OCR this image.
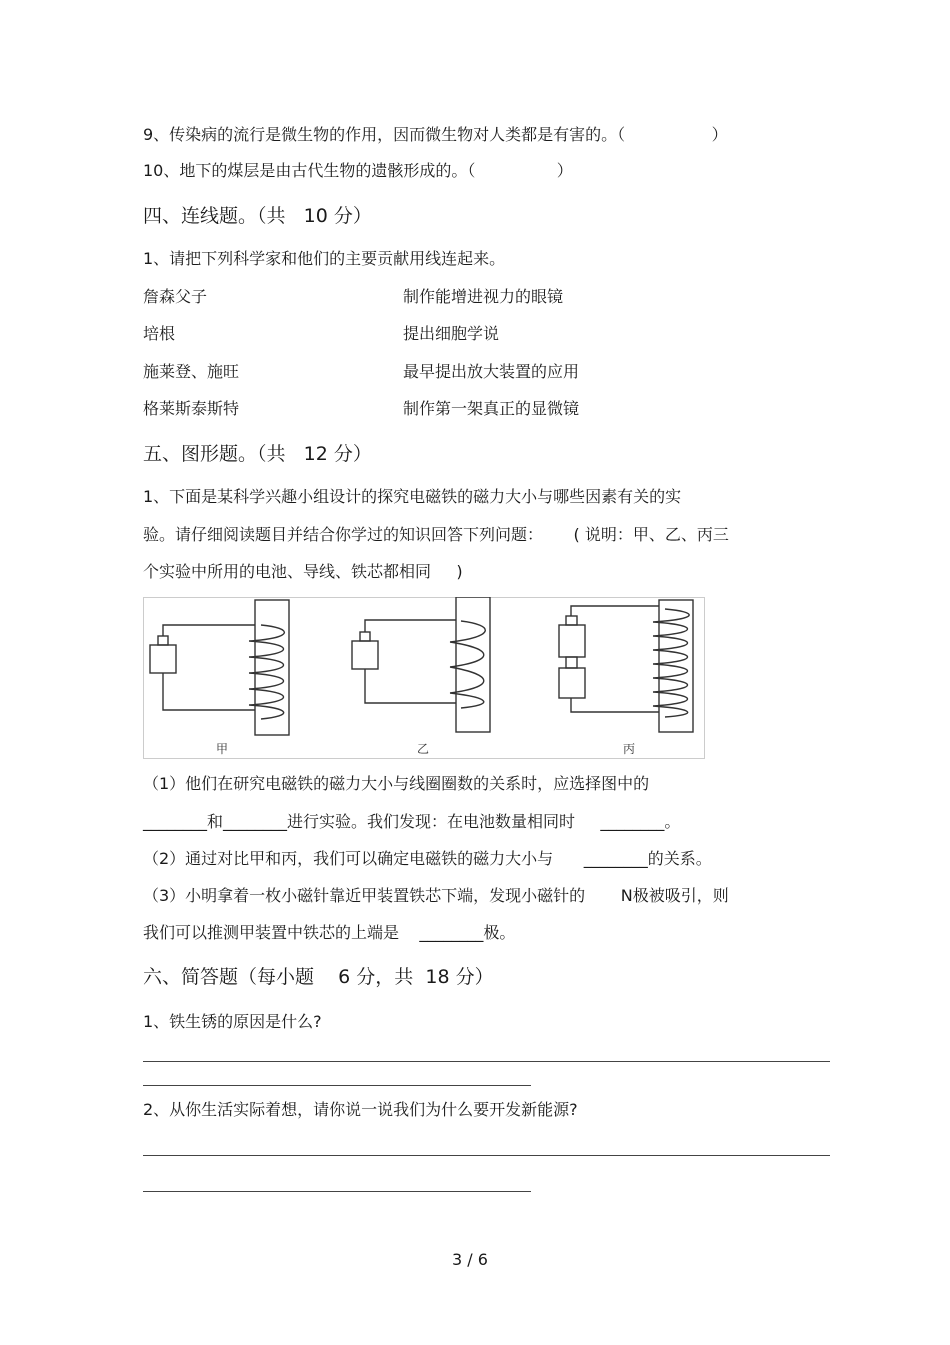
9、传染病的流行是微生物的作用，因而微生物对人类都是有害的。（                 ）
10、地下的煤层是由古代生物的遗骸形成的。（                ）
四、连线题。（共   10 分）
1、请把下列科学家和他们的主要贡献用线连起来。
詹森父子
培根
施莱登、施旺
格莱斯泰斯特
制作能增进视力的眼镜
提出细胞学说
最早提出放大装置的应用
制作第一架真正的显微镜
五、图形题。（共   12 分）
1、下面是某科学兴趣小组设计的探究电磁铁的磁力大小与哪些因素有关的实
验。请仔细阅读题目并结合你学过的知识回答下列问题：      ( 说明：甲、乙、丙三
个实验中所用的电池、导线、铁芯都相同     )
甲	乙	丙
（1）他们在研究电磁铁的磁力大小与线圈圈数的关系时，应选择图中的
________和________进行实验。我们发现：在电池数量相同时     ________。
（2）通过对比甲和丙，我们可以确定电磁铁的磁力大小与      ________的关系。
（3）小明拿着一枚小磁针靠近甲装置铁芯下端，发现小磁针的       N极被吸引，则
我们可以推测甲装置中铁芯的上端是    ________极。
六、简答题（每小题    6 分，共  18 分）
1、铁生锈的原因是什么?
2、从你生活实际着想，请你说一说我们为什么要开发新能源?
3 / 6
